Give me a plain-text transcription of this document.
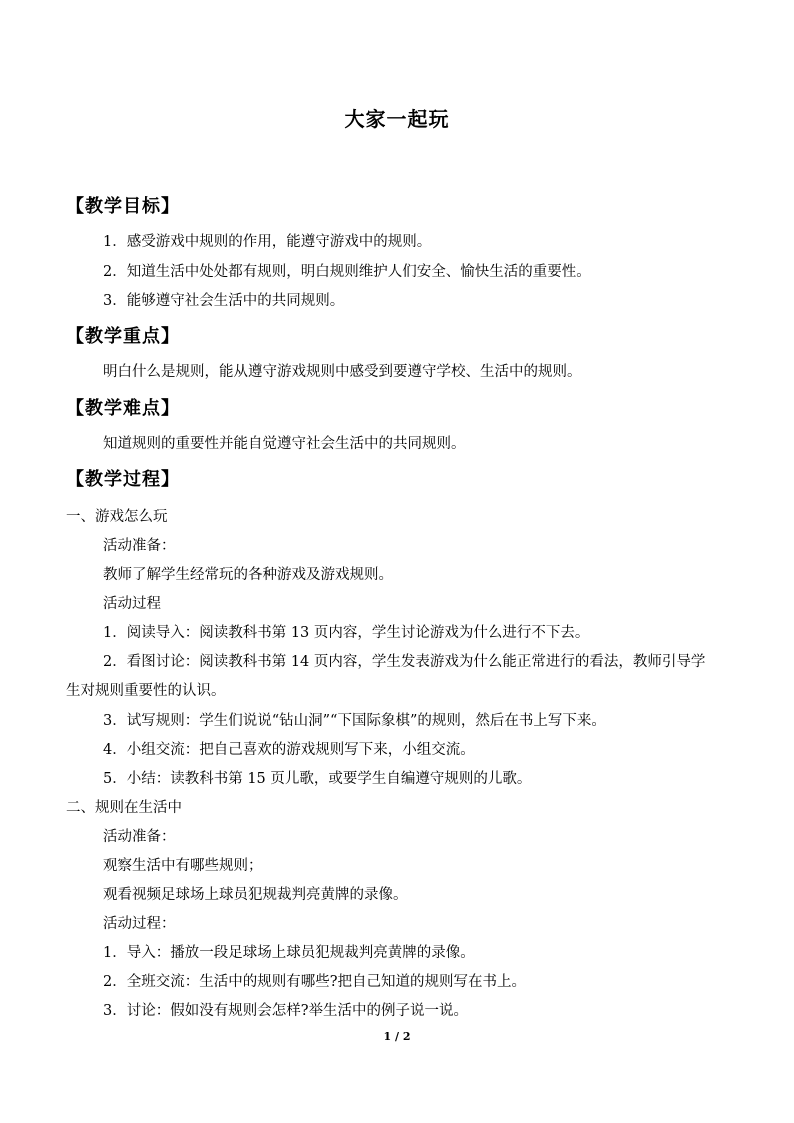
大家一起玩
【教学目标】
1．感受游戏中规则的作用，能遵守游戏中的规则。
2．知道生活中处处都有规则，明白规则维护人们安全、愉快生活的重要性。
3．能够遵守社会生活中的共同规则。
【教学重点】
明白什么是规则，能从遵守游戏规则中感受到要遵守学校、生活中的规则。
【教学难点】
知道规则的重要性并能自觉遵守社会生活中的共同规则。
【教学过程】
一、游戏怎么玩
活动准备：
教师了解学生经常玩的各种游戏及游戏规则。
活动过程
1．阅读导入：阅读教科书第 13 页内容，学生讨论游戏为什么进行不下去。
2．看图讨论：阅读教科书第 14 页内容，学生发表游戏为什么能正常进行的看法，教师引导学生对规则重要性的认识。
3．试写规则：学生们说说“钻山洞”“下国际象棋”的规则，然后在书上写下来。
4．小组交流：把自己喜欢的游戏规则写下来，小组交流。
5．小结：读教科书第 15 页儿歌，或要学生自编遵守规则的儿歌。
二、规则在生活中
活动准备：
观察生活中有哪些规则；
观看视频足球场上球员犯规裁判亮黄牌的录像。
活动过程：
1．导入：播放一段足球场上球员犯规裁判亮黄牌的录像。
2．全班交流：生活中的规则有哪些?把自己知道的规则写在书上。
3．讨论：假如没有规则会怎样?举生活中的例子说一说。
1 / 2
